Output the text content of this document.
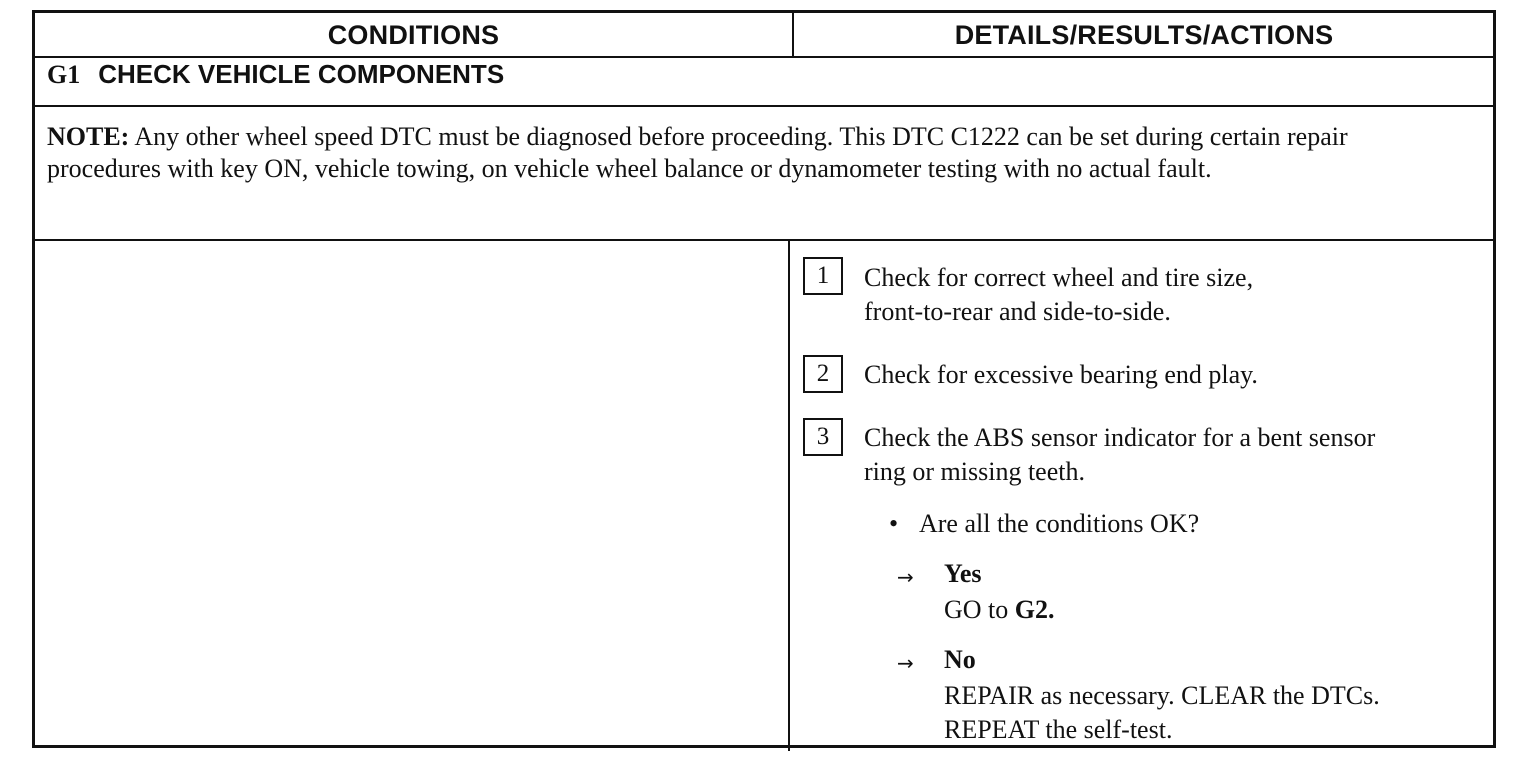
CONDITIONS	DETAILS/RESULTS/ACTIONS
G1 CHECK VEHICLE COMPONENTS
NOTE: Any other wheel speed DTC must be diagnosed before proceeding. This DTC C1222 can be set during certain repair procedures with key ON, vehicle towing, on vehicle wheel balance or dynamometer testing with no actual fault.
1	Check for correct wheel and tire size,
front-to-rear and side-to-side.
2	Check for excessive bearing end play.
3	Check the ABS sensor indicator for a bent sensor
ring or missing teeth.
• Are all the conditions OK?
→ Yes
GO to G2.
→ No
REPAIR as necessary. CLEAR the DTCs.
REPEAT the self-test.
